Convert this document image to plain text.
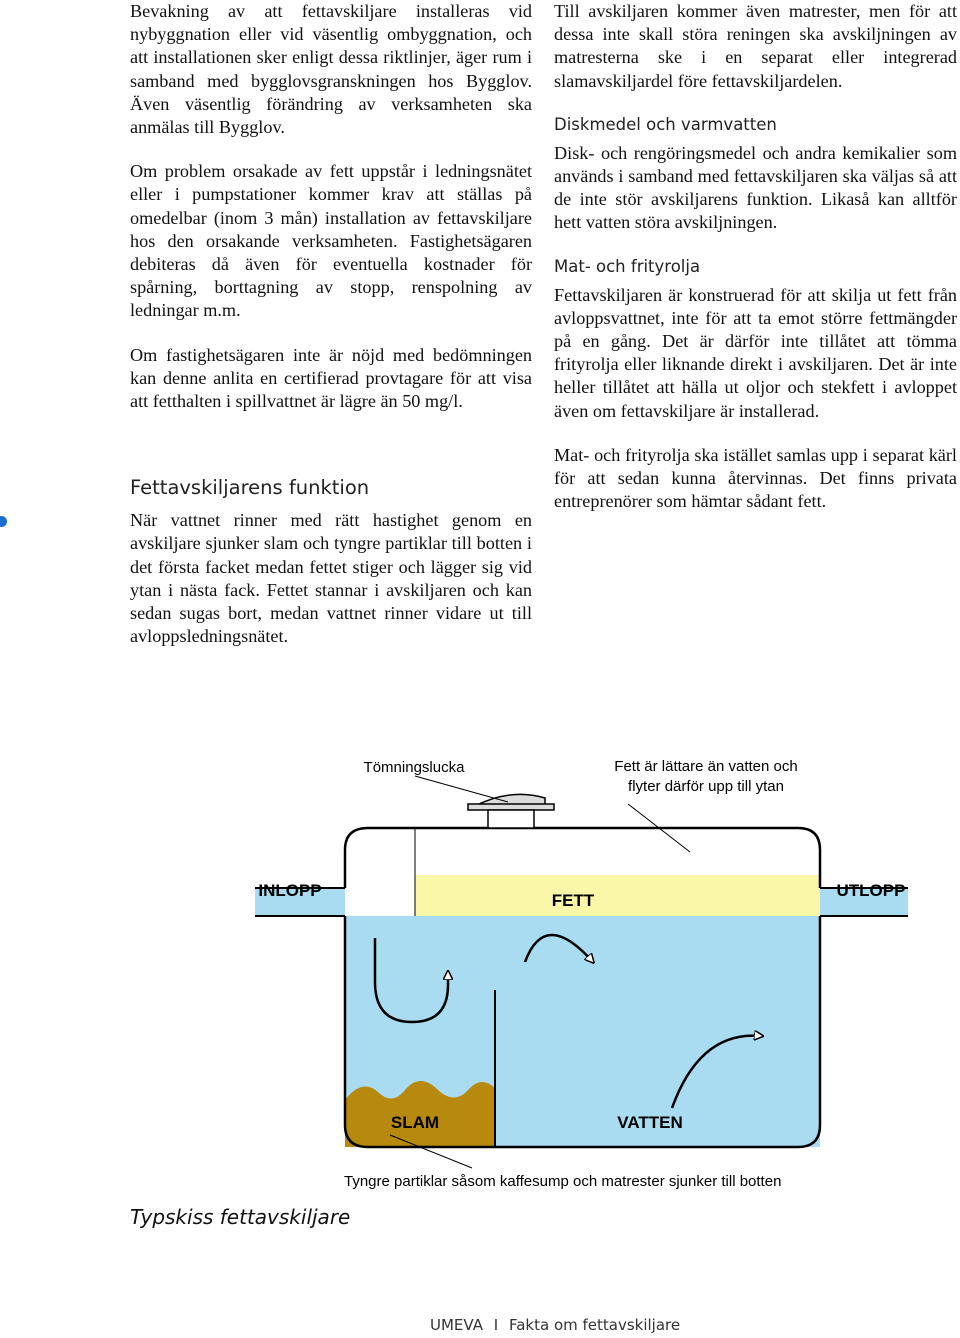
Bevakning av att fettavskiljare installeras vid nybyggnation eller vid väsentlig ombyggnation, och att installationen sker enligt dessa riktlinjer, äger rum i samband med bygglovsgranskningen hos Bygglov. Även väsentlig förändring av verksamheten ska anmälas till Bygglov.

Om problem orsakade av fett uppstår i ledningsnätet eller i pumpstationer kommer krav att ställas på omedelbar (inom 3 mån) installation av fettavskiljare hos den orsakande verksamheten. Fastighetsägaren debiteras då även för eventuella kostnader för spårning, borttagning av stopp, renspolning av ledningar m.m.

Om fastighetsägaren inte är nöjd med bedömningen kan denne anlita en certifierad provtagare för att visa att fetthalten i spillvattnet är lägre än 50 mg/l.

Fettavskiljarens funktion

När vattnet rinner med rätt hastighet genom en avskiljare sjunker slam och tyngre partiklar till botten i det första facket medan fettet stiger och lägger sig vid ytan i nästa fack. Fettet stannar i avskiljaren och kan sedan sugas bort, medan vattnet rinner vidare ut till avloppsledningsnätet.

Till avskiljaren kommer även matrester, men för att dessa inte skall störa reningen ska avskiljningen av matresterna ske i en separat eller integrerad slamavskiljardel före fettavskiljardelen.

Diskmedel och varmvatten

Disk- och rengöringsmedel och andra kemikalier som används i samband med fettavskiljaren ska väljas så att de inte stör avskiljarens funktion. Likaså kan alltför hett vatten störa avskiljningen.

Mat- och frityrolja

Fettavskiljaren är konstruerad för att skilja ut fett från avloppsvattnet, inte för att ta emot större fettmängder på en gång. Det är därför inte tillåtet att tömma frityrolja eller liknande direkt i avskiljaren. Det är inte heller tillåtet att hälla ut oljor och stekfett i avloppet även om fettavskiljare är installerad.

Mat- och frityrolja ska istället samlas upp i separat kärl för att sedan kunna återvinnas. Det finns privata entreprenörer som hämtar sådant fett.

Tömningslucka	Fett är lättare än vatten och
flyter därför upp till ytan
INLOPP
FETT
UTLOPP
SLAM	VATTEN
Tyngre partiklar såsom kaffesump och matrester sjunker till botten
Typskiss fettavskiljare
UMEVA I Fakta om fettavskiljare
